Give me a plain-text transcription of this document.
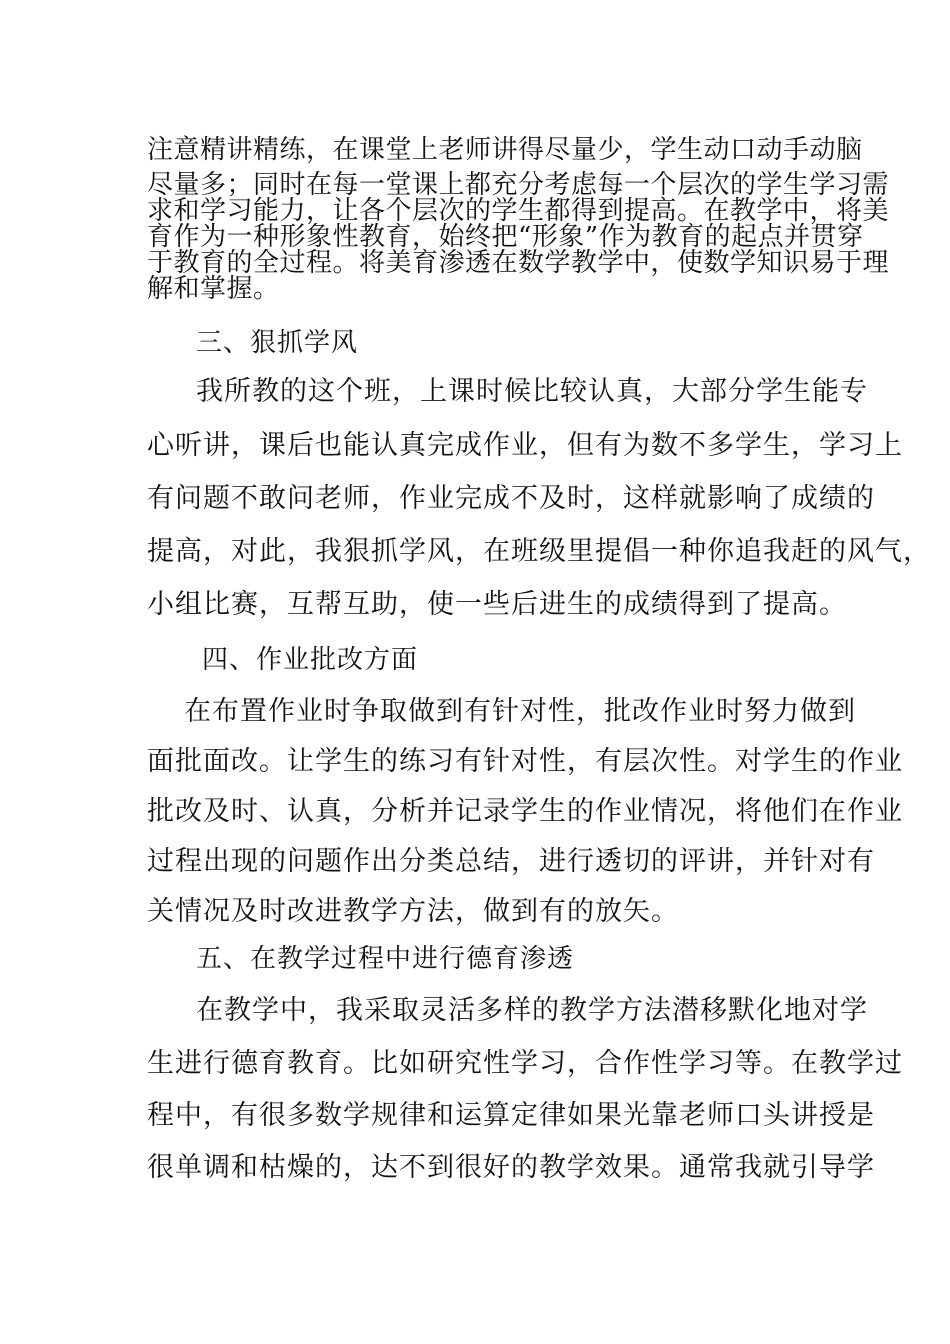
注意精讲精练，在课堂上老师讲得尽量少，学生动口动手动脑
尽量多；同时在每一堂课上都充分考虑每一个层次的学生学习需
求和学习能力，让各个层次的学生都得到提高。在教学中，将美
育作为一种形象性教育，始终把“形象”作为教育的起点并贯穿
于教育的全过程。将美育渗透在数学教学中，使数学知识易于理
解和掌握。
三、狠抓学风
我所教的这个班，上课时候比较认真，大部分学生能专
心听讲，课后也能认真完成作业，但有为数不多学生，学习上
有问题不敢问老师，作业完成不及时，这样就影响了成绩的
提高，对此，我狠抓学风，在班级里提倡一种你追我赶的风气，
小组比赛，互帮互助，使一些后进生的成绩得到了提高。
四、作业批改方面
在布置作业时争取做到有针对性，批改作业时努力做到
面批面改。让学生的练习有针对性，有层次性。对学生的作业
批改及时、认真，分析并记录学生的作业情况，将他们在作业
过程出现的问题作出分类总结，进行透切的评讲，并针对有
关情况及时改进教学方法，做到有的放矢。
五、在教学过程中进行德育渗透
在教学中，我采取灵活多样的教学方法潜移默化地对学
生进行德育教育。比如研究性学习，合作性学习等。在教学过
程中，有很多数学规律和运算定律如果光靠老师口头讲授是
很单调和枯燥的，达不到很好的教学效果。通常我就引导学
